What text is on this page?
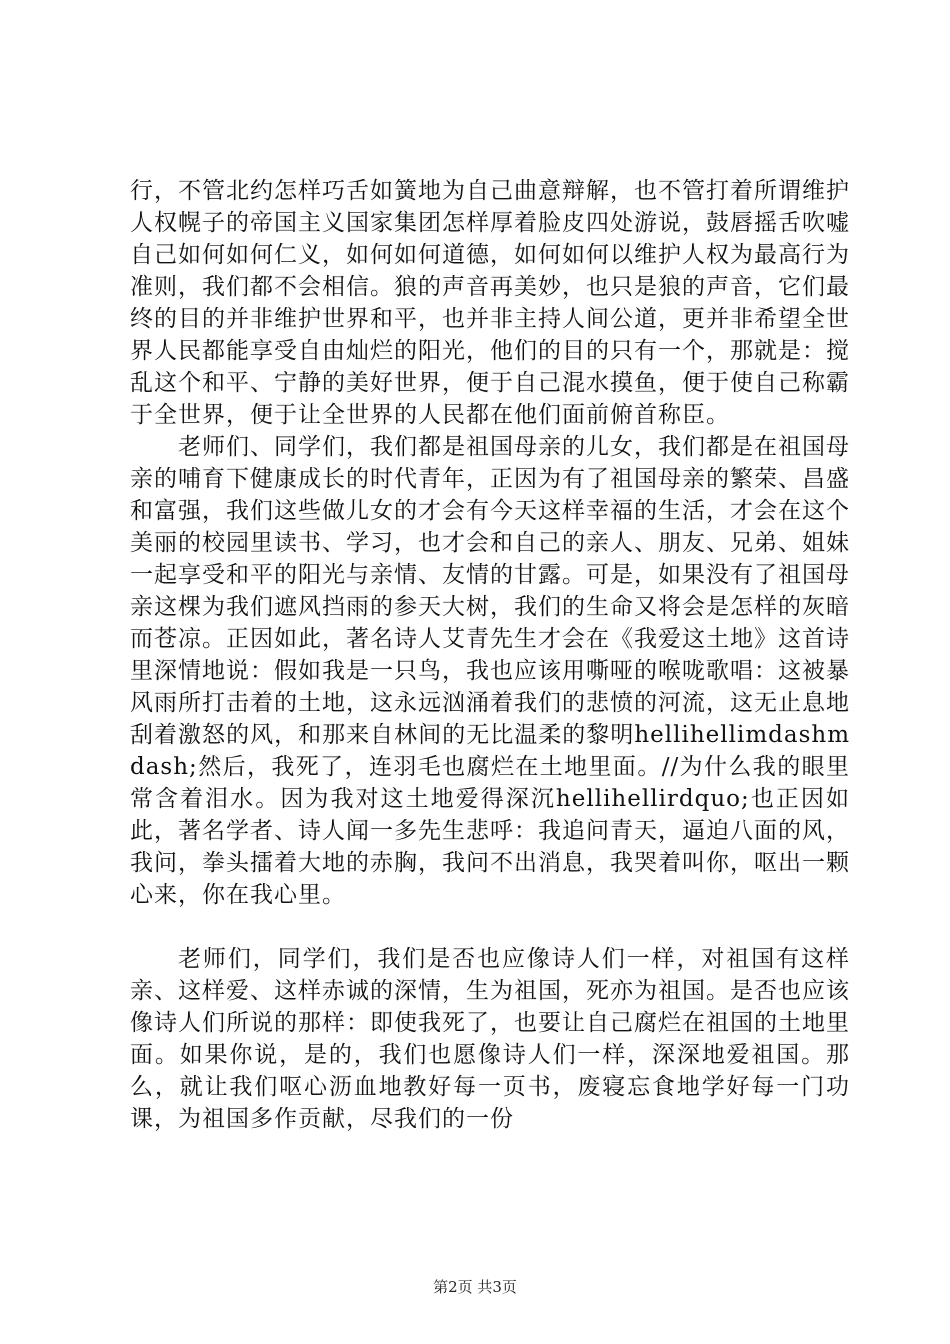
行，不管北约怎样巧舌如簧地为自己曲意辩解，也不管打着所谓维护人权幌子的帝国主义国家集团怎样厚着脸皮四处游说，鼓唇摇舌吹嘘自己如何如何仁义，如何如何道德，如何如何以维护人权为最高行为准则，我们都不会相信。狼的声音再美妙，也只是狼的声音，它们最终的目的并非维护世界和平，也并非主持人间公道，更并非希望全世界人民都能享受自由灿烂的阳光，他们的目的只有一个，那就是：搅乱这个和平、宁静的美好世界，便于自己混水摸鱼，便于使自己称霸于全世界，便于让全世界的人民都在他们面前俯首称臣。

老师们、同学们，我们都是祖国母亲的儿女，我们都是在祖国母亲的哺育下健康成长的时代青年，正因为有了祖国母亲的繁荣、昌盛和富强，我们这些做儿女的才会有今天这样幸福的生活，才会在这个美丽的校园里读书、学习，也才会和自己的亲人、朋友、兄弟、姐妹一起享受和平的阳光与亲情、友情的甘露。可是，如果没有了祖国母亲这棵为我们遮风挡雨的参天大树，我们的生命又将会是怎样的灰暗而苍凉。正因如此，著名诗人艾青先生才会在《我爱这土地》这首诗里深情地说：假如我是一只鸟，我也应该用嘶哑的喉咙歌唱：这被暴风雨所打击着的土地，这永远汹涌着我们的悲愤的河流，这无止息地刮着激怒的风，和那来自林间的无比温柔的黎明hellihellimdashmdash;然后，我死了，连羽毛也腐烂在土地里面。//为什么我的眼里常含着泪水。因为我对这土地爱得深沉hellihellirdquo;也正因如此，著名学者、诗人闻一多先生悲呼：我追问青天，逼迫八面的风，我问，拳头擂着大地的赤胸，我问不出消息，我哭着叫你，呕出一颗心来，你在我心里。

老师们，同学们，我们是否也应像诗人们一样，对祖国有这样亲、这样爱、这样赤诚的深情，生为祖国，死亦为祖国。是否也应该像诗人们所说的那样：即使我死了，也要让自己腐烂在祖国的土地里面。如果你说，是的，我们也愿像诗人们一样，深深地爱祖国。那么，就让我们呕心沥血地教好每一页书，废寝忘食地学好每一门功课，为祖国多作贡献，尽我们的一份

第2页 共3页
